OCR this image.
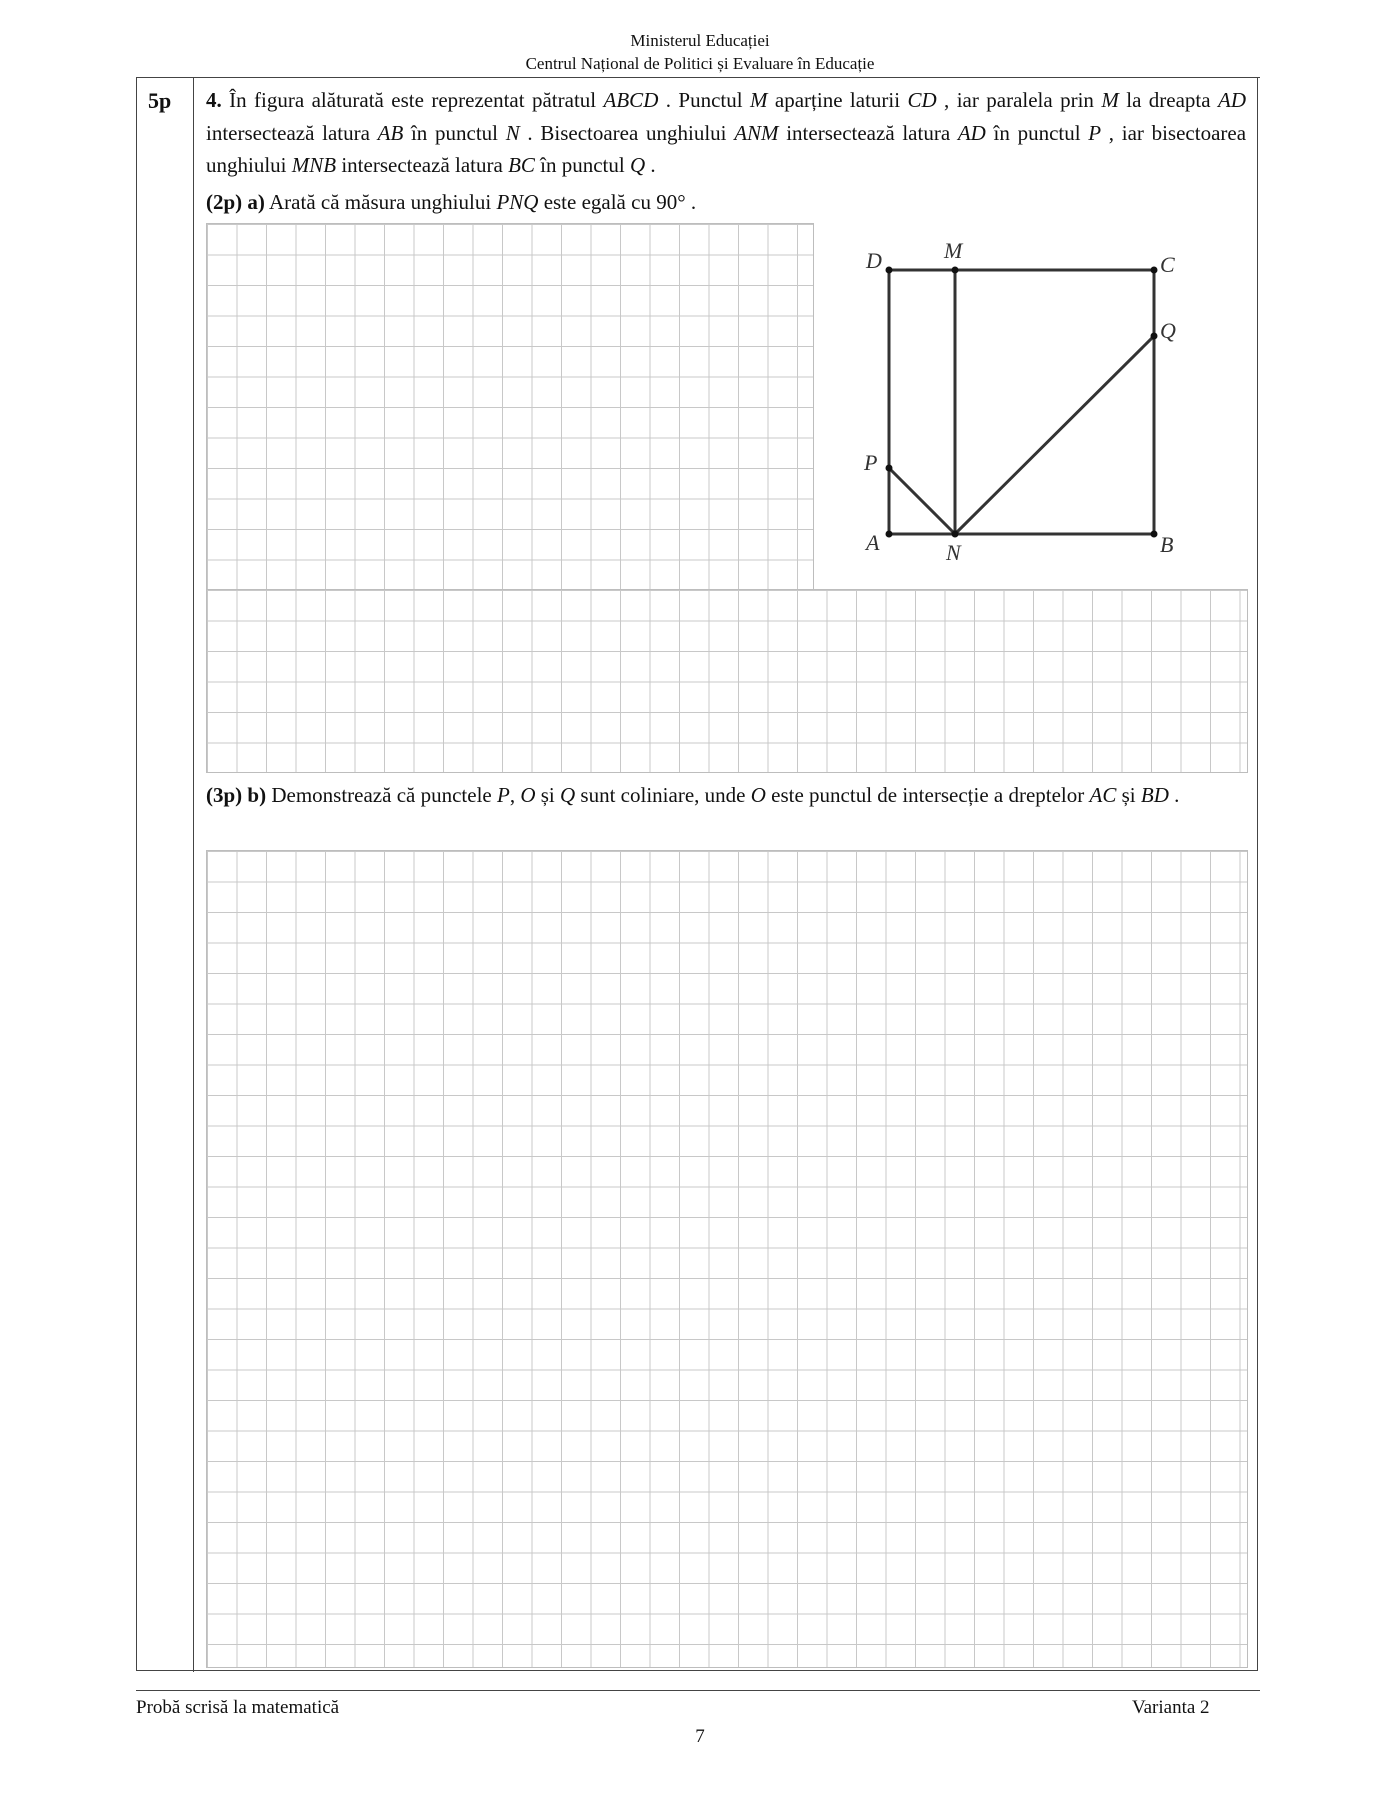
Ministerul Educației
Centrul Național de Politici și Evaluare în Educație
5p 4. În figura alăturată este reprezentat pătratul ABCD . Punctul M aparține laturii CD , iar paralela prin M la dreapta AD intersectează latura AB în punctul N . Bisectoarea unghiului ANM intersectează latura AD în punctul P , iar bisectoarea unghiului MNB intersectează latura BC în punctul Q .
(2p) a) Arată că măsura unghiului PNQ este egală cu 90° .
D	M
C
Q
P
A	N	B
(3p) b) Demonstrează că punctele P, O și Q sunt coliniare, unde O este punctul de intersecție a dreptelor AC și BD .
Probă scrisă la matematică	Varianta 2
7
